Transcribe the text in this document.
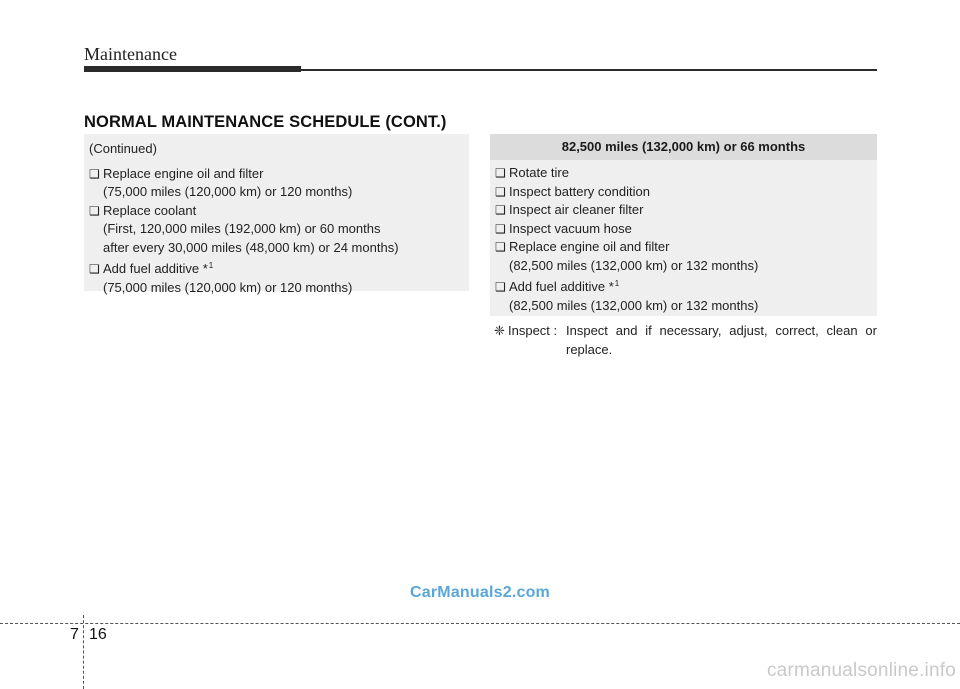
Maintenance
NORMAL MAINTENANCE SCHEDULE (CONT.)
(Continued)
❑ Replace engine oil and filter
(75,000 miles (120,000 km) or 120 months)
❑ Replace coolant
(First, 120,000 miles (192,000 km) or 60 months
after every 30,000 miles (48,000 km) or 24 months)
❑ Add fuel additive *$^1$
(75,000 miles (120,000 km) or 120 months)
82,500 miles (132,000 km) or 66 months
❑ Rotate tire
❑ Inspect battery condition
❑ Inspect air cleaner filter
❑ Inspect vacuum hose
❑ Replace engine oil and filter
(82,500 miles (132,000 km) or 132 months)
❑ Add fuel additive *$^1$
(82,500 miles (132,000 km) or 132 months)
❈ Inspect : Inspect and if necessary, adjust, correct, clean or replace.
CarManuals2.com
7 16
carmanualsonline.info
